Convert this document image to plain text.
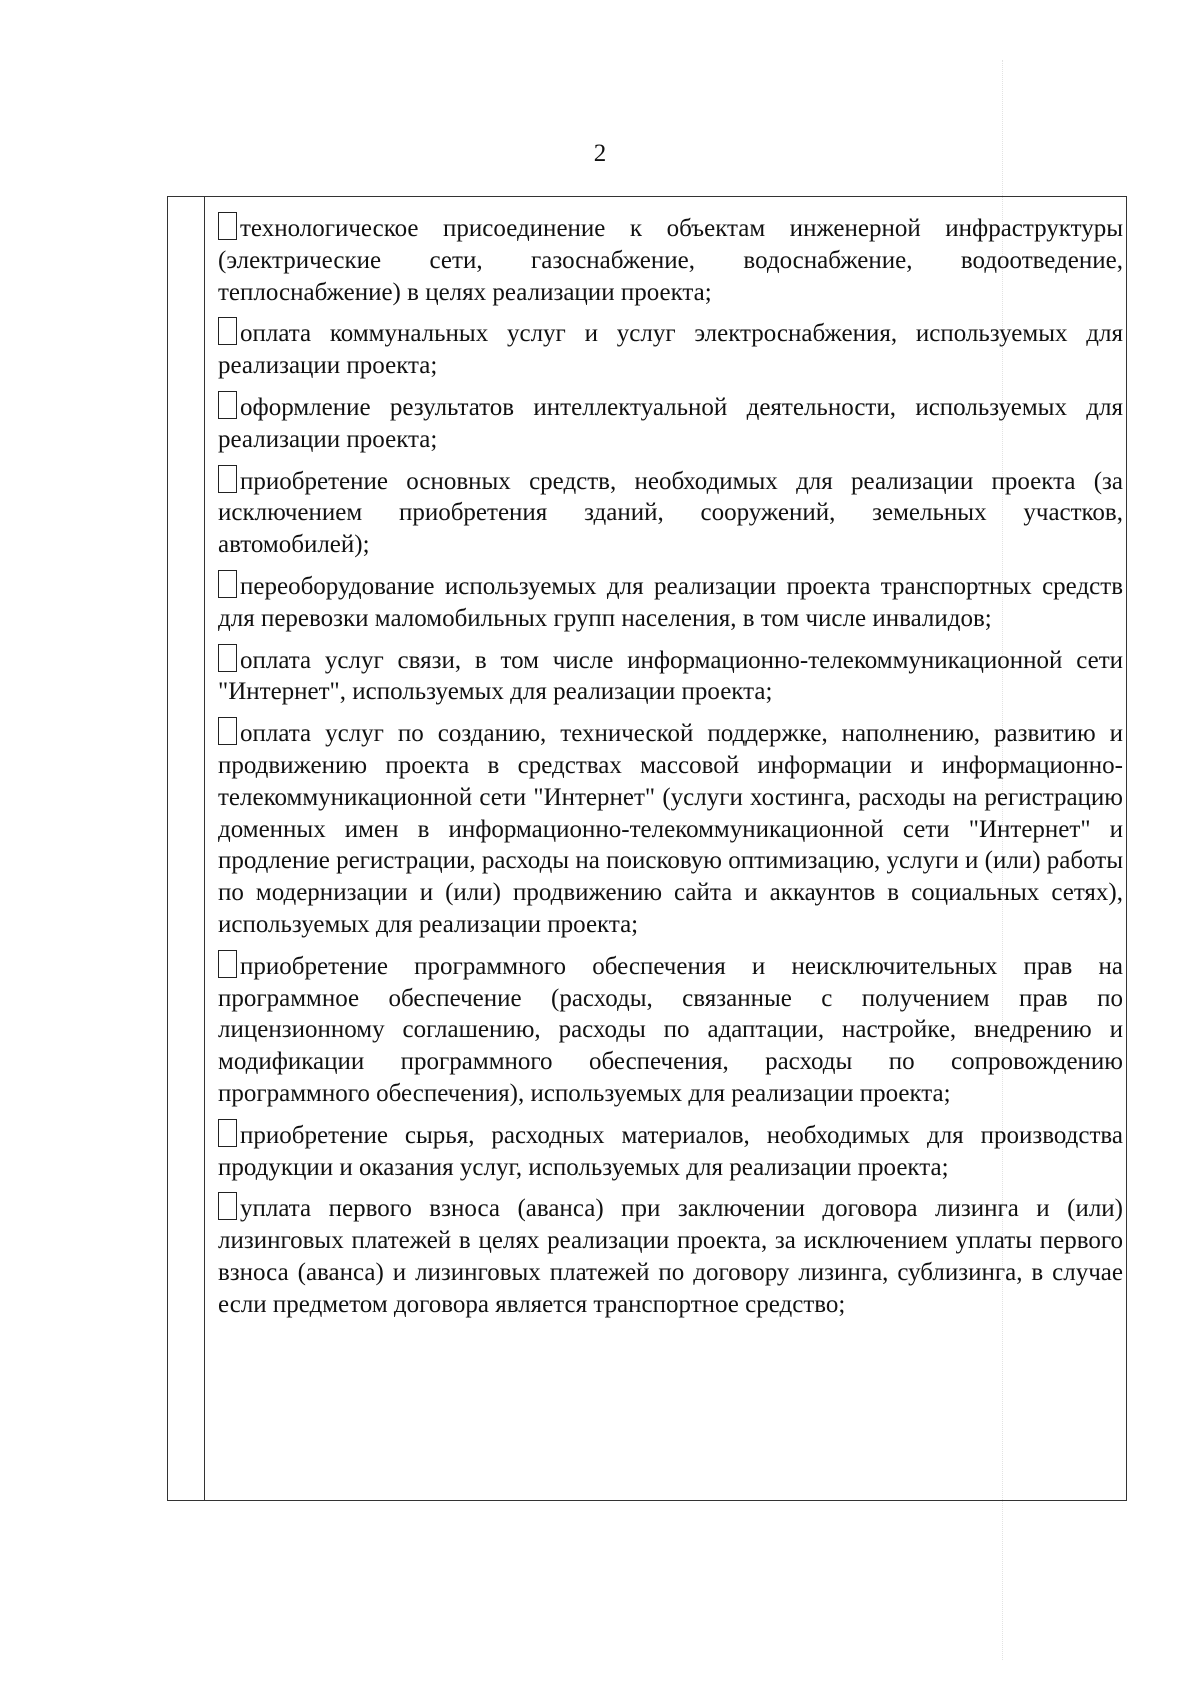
2
технологическое присоединение к объектам инженерной инфраструктуры (электрические сети, газоснабжение, водоснабжение, водоотведение, теплоснабжение) в целях реализации проекта;
оплата коммунальных услуг и услуг электроснабжения, используемых для реализации проекта;
оформление результатов интеллектуальной деятельности, используемых для реализации проекта;
приобретение основных средств, необходимых для реализации проекта (за исключением приобретения зданий, сооружений, земельных участков, автомобилей);
переоборудование используемых для реализации проекта транспортных средств для перевозки маломобильных групп населения, в том числе инвалидов;
оплата услуг связи, в том числе информационно-телекоммуникационной сети "Интернет", используемых для реализации проекта;
оплата услуг по созданию, технической поддержке, наполнению, развитию и продвижению проекта в средствах массовой информации и информационно-телекоммуникационной сети "Интернет" (услуги хостинга, расходы на регистрацию доменных имен в информационно-телекоммуникационной сети "Интернет" и продление регистрации, расходы на поисковую оптимизацию, услуги и (или) работы по модернизации и (или) продвижению сайта и аккаунтов в социальных сетях), используемых для реализации проекта;
приобретение программного обеспечения и неисключительных прав на программное обеспечение (расходы, связанные с получением прав по лицензионному соглашению, расходы по адаптации, настройке, внедрению и модификации программного обеспечения, расходы по сопровождению программного обеспечения), используемых для реализации проекта;
приобретение сырья, расходных материалов, необходимых для производства продукции и оказания услуг, используемых для реализации проекта;
уплата первого взноса (аванса) при заключении договора лизинга и (или) лизинговых платежей в целях реализации проекта, за исключением уплаты первого взноса (аванса) и лизинговых платежей по договору лизинга, сублизинга, в случае если предметом договора является транспортное средство;
